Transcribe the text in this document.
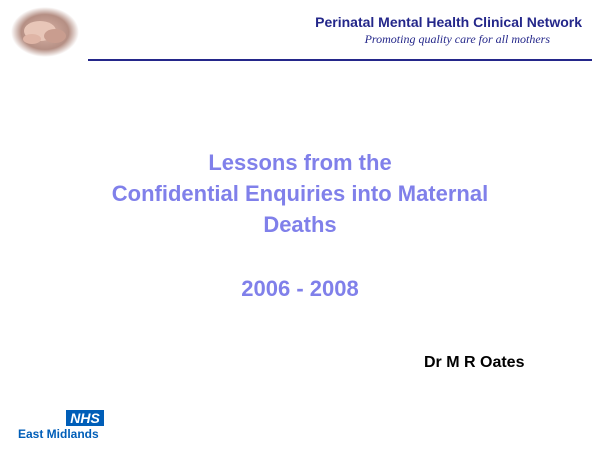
Perinatal Mental Health Clinical Network
Promoting quality care for all mothers
Lessons from the
Confidential Enquiries into Maternal
Deaths
2006 - 2008
Dr M R Oates
NHS
East Midlands
